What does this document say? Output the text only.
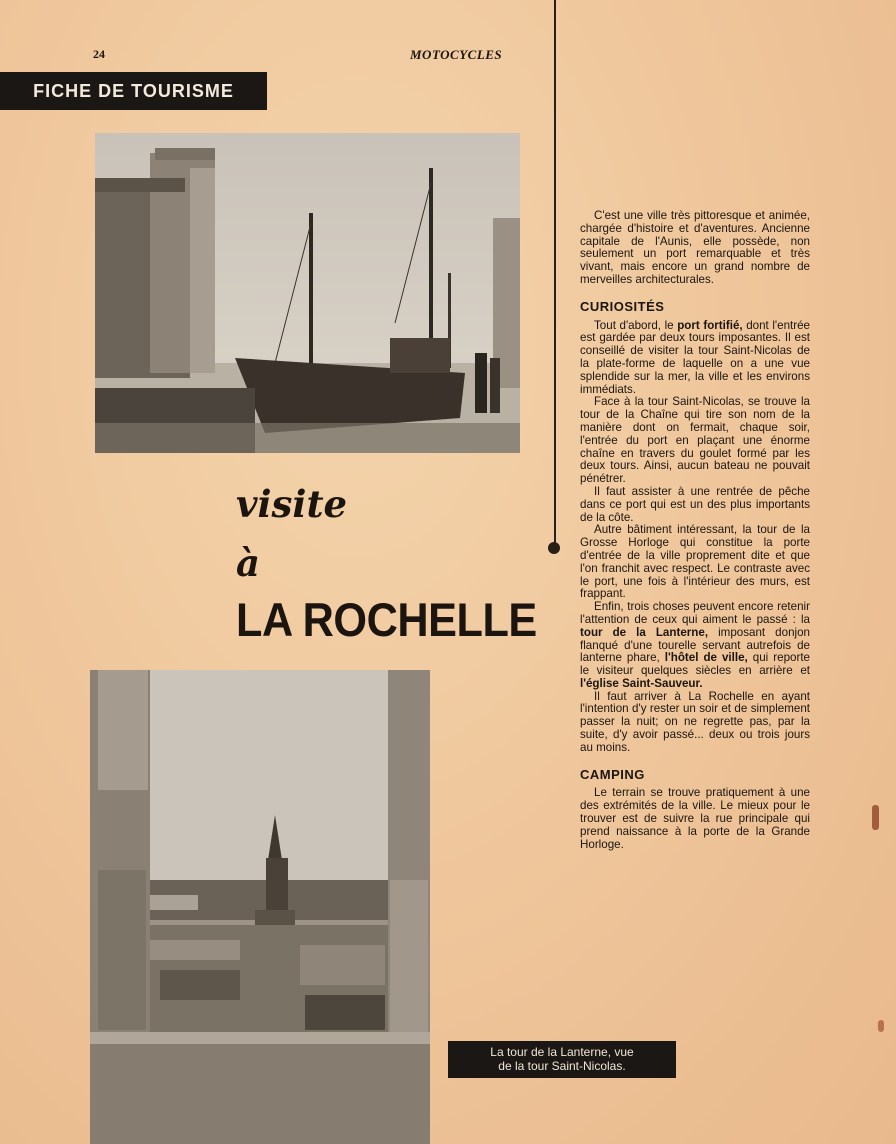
24	MOTOCYCLES
FICHE DE TOURISME
visite
à
LA ROCHELLE

C'est une ville très pittoresque et animée, chargée d'histoire et d'aventures. Ancienne capitale de l'Aunis, elle possède, non seulement un port remarquable et très vivant, mais encore un grand nombre de merveilles architecturales.

CURIOSITÉS

Tout d'abord, le port fortifié, dont l'entrée est gardée par deux tours imposantes. Il est conseillé de visiter la tour Saint-Nicolas de la plate-forme de laquelle on a une vue splendide sur la mer, la ville et les environs immédiats.

Face à la tour Saint-Nicolas, se trouve la tour de la Chaîne qui tire son nom de la manière dont on fermait, chaque soir, l'entrée du port en plaçant une énorme chaîne en travers du goulet formé par les deux tours. Ainsi, aucun bateau ne pouvait pénétrer.

Il faut assister à une rentrée de pêche dans ce port qui est un des plus importants de la côte.

Autre bâtiment intéressant, la tour de la Grosse Horloge qui constitue la porte d'entrée de la ville proprement dite et que l'on franchit avec respect. Le contraste avec le port, une fois à l'intérieur des murs, est frappant.

Enfin, trois choses peuvent encore retenir l'attention de ceux qui aiment le passé : la tour de la Lanterne, imposant donjon flanqué d'une tourelle servant autrefois de lanterne phare, l'hôtel de ville, qui reporte le visiteur quelques siècles en arrière et l'église Saint-Sauveur.

Il faut arriver à La Rochelle en ayant l'intention d'y rester un soir et de simplement passer la nuit; on ne regrette pas, par la suite, d'y avoir passé... deux ou trois jours au moins.

CAMPING

Le terrain se trouve pratiquement à une des extrémités de la ville. Le mieux pour le trouver est de suivre la rue principale qui prend naissance à la porte de la Grande Horloge.

La tour de la Lanterne, vue
de la tour Saint-Nicolas.
